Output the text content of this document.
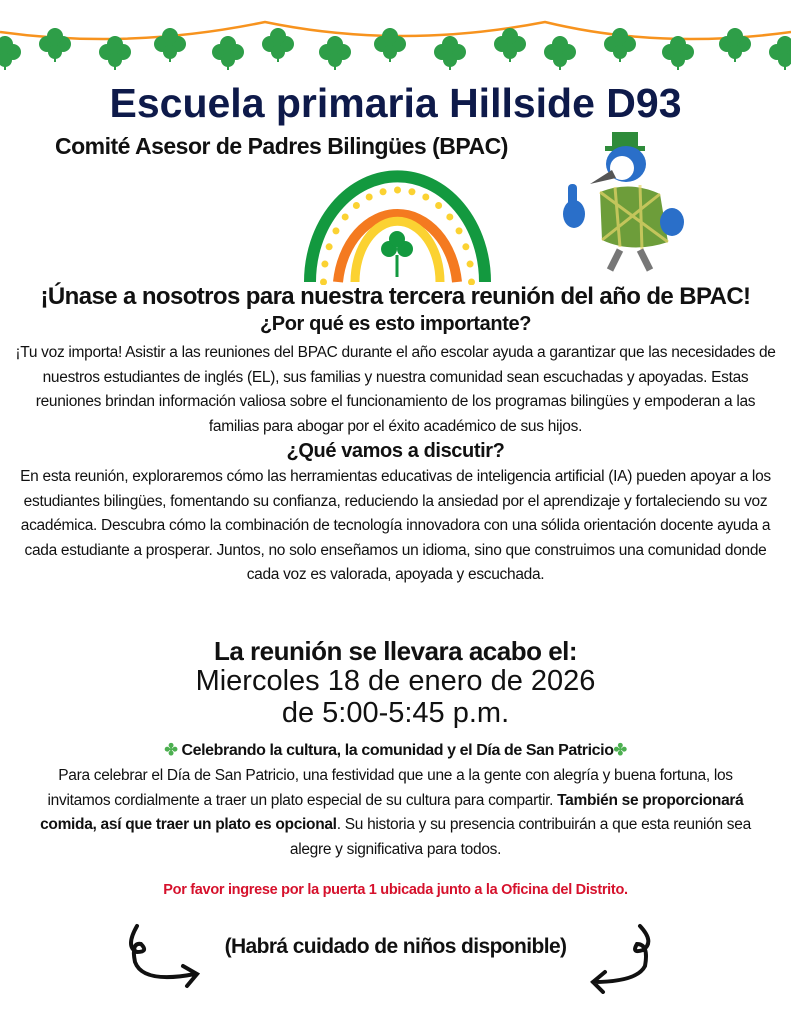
Escuela primaria Hillside D93
Comité Asesor de Padres Bilingües (BPAC)
¡Únase a nosotros para nuestra tercera reunión del año de BPAC!
¿Por qué es esto importante?
¡Tu voz importa! Asistir a las reuniones del BPAC durante el año escolar ayuda a garantizar que las necesidades de nuestros estudiantes de inglés (EL), sus familias y nuestra comunidad sean escuchadas y apoyadas. Estas reuniones brindan información valiosa sobre el funcionamiento de los programas bilingües y empoderan a las familias para abogar por el éxito académico de sus hijos.
¿Qué vamos a discutir?
En esta reunión, exploraremos cómo las herramientas educativas de inteligencia artificial (IA) pueden apoyar a los estudiantes bilingües, fomentando su confianza, reduciendo la ansiedad por el aprendizaje y fortaleciendo su voz académica. Descubra cómo la combinación de tecnología innovadora con una sólida orientación docente ayuda a cada estudiante a prosperar. Juntos, no solo enseñamos un idioma, sino que construimos una comunidad donde cada voz es valorada, apoyada y escuchada.
La reunión se llevara acabo el:
Miercoles 18 de enero de 2026
de 5:00-5:45 p.m.
✤ Celebrando la cultura, la comunidad y el Día de San Patricio✤
Para celebrar el Día de San Patricio, una festividad que une a la gente con alegría y buena fortuna, los invitamos cordialmente a traer un plato especial de su cultura para compartir. También se proporcionará comida, así que traer un plato es opcional. Su historia y su presencia contribuirán a que esta reunión sea alegre y significativa para todos.
Por favor ingrese por la puerta 1 ubicada junto a la Oficina del Distrito.
(Habrá cuidado de niños disponible)
